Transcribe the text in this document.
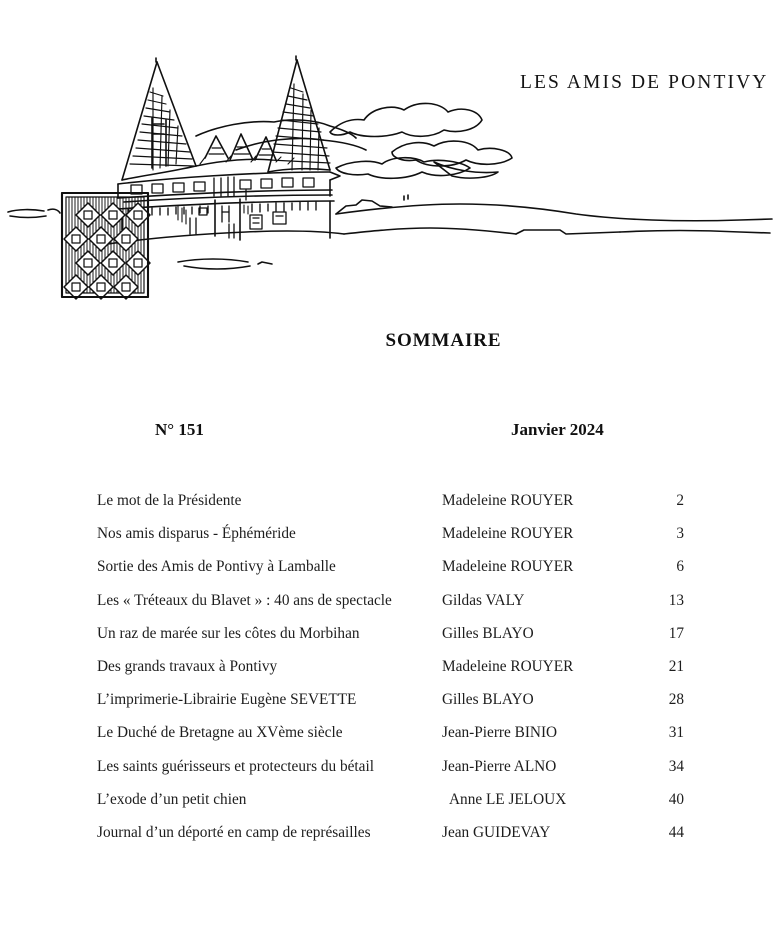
LES AMIS DE PONTIVY
SOMMAIRE
N° 151	Janvier 2024
Le mot de la Présidente	Madeleine ROUYER	2
Nos amis disparus - Éphéméride	Madeleine ROUYER	3
Sortie des Amis de Pontivy à Lamballe	Madeleine ROUYER	6
Les « Tréteaux du Blavet » : 40 ans de spectacle	Gildas VALY	13
Un raz de marée sur les côtes du Morbihan	Gilles BLAYO	17
Des grands travaux à Pontivy	Madeleine ROUYER	21
L’imprimerie-Librairie Eugène SEVETTE	Gilles BLAYO	28
Le Duché de Bretagne au XVème siècle	Jean-Pierre BINIO	31
Les saints guérisseurs et protecteurs du bétail	Jean-Pierre ALNO	34
L’exode d’un petit chien	Anne LE JELOUX	40
Journal d’un déporté en camp de représailles	Jean GUIDEVAY	44
